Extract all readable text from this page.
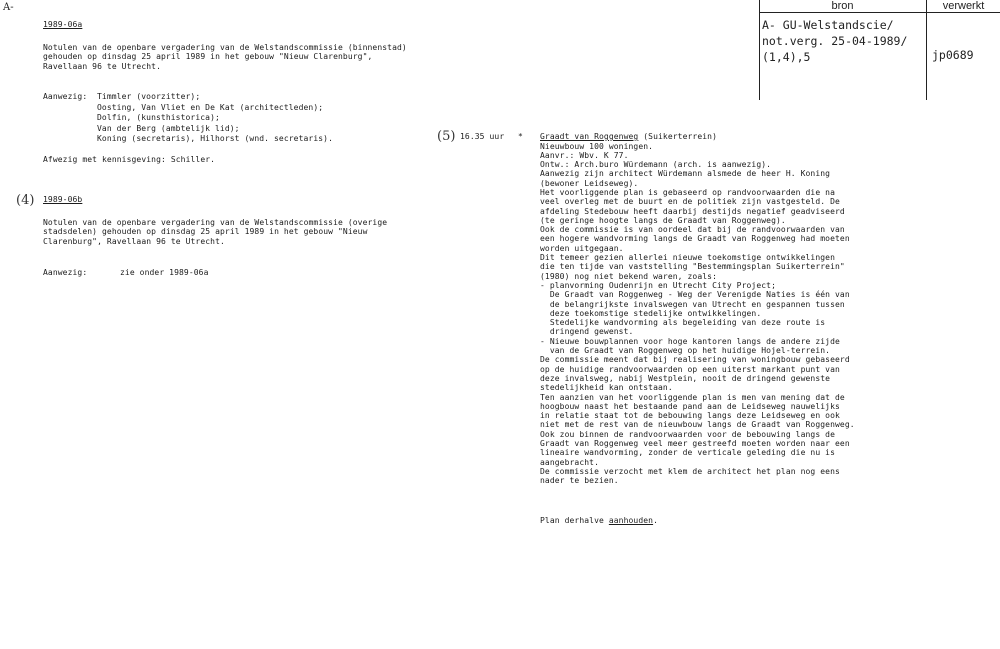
A-	bron	verwerkt
A- GU-Welstandscie/
not.verg. 25-04-1989/
(1,4),5	jp0689
1989-06a
Notulen van de openbare vergadering van de Welstandscommissie (binnenstad)
gehouden op dinsdag 25 april 1989 in het gebouw "Nieuw Clarenburg",
Ravellaan 96 te Utrecht.
Aanwezig: Timmler (voorzitter);
Oosting, Van Vliet en De Kat (architectleden);
Dolfin, (kunsthistorica);
Van der Berg (ambtelijk lid);
Koning (secretaris), Hilhorst (wnd. secretaris).
Afwezig met kennisgeving: Schiller.
(4) 1989-06b
Notulen van de openbare vergadering van de Welstandscommissie (overige
stadsdelen) gehouden op dinsdag 25 april 1989 in het gebouw "Nieuw
Clarenburg", Ravellaan 96 te Utrecht.
Aanwezig:	zie onder 1989-06a
(5) 16.35 uur * Graadt van Roggenweg (Suikerterrein)
Nieuwbouw 100 woningen.
Aanvr.: Wbv. K 77.
Ontw.: Arch.buro Würdemann (arch. is aanwezig).
Aanwezig zijn architect Würdemann alsmede de heer H. Koning
(bewoner Leidseweg).
Het voorliggende plan is gebaseerd op randvoorwaarden die na
veel overleg met de buurt en de politiek zijn vastgesteld. De
afdeling Stedebouw heeft daarbij destijds negatief geadviseerd
(te geringe hoogte langs de Graadt van Roggenweg).
Ook de commissie is van oordeel dat bij de randvoorwaarden van
een hogere wandvorming langs de Graadt van Roggenweg had moeten
worden uitgegaan.
Dit temeer gezien allerlei nieuwe toekomstige ontwikkelingen
die ten tijde van vaststelling "Bestemmingsplan Suikerterrein"
(1980) nog niet bekend waren, zoals:
- planvorming Oudenrijn en Utrecht City Project;
De Graadt van Roggenweg - Weg der Verenigde Naties is één van
de belangrijkste invalswegen van Utrecht en gespannen tussen
deze toekomstige stedelijke ontwikkelingen.
Stedelijke wandvorming als begeleiding van deze route is
dringend gewenst.
- Nieuwe bouwplannen voor hoge kantoren langs de andere zijde
van de Graadt van Roggenweg op het huidige Hojel-terrein.
De commissie meent dat bij realisering van woningbouw gebaseerd
op de huidige randvoorwaarden op een uiterst markant punt van
deze invalsweg, nabij Westplein, nooit de dringend gewenste
stedelijkheid kan ontstaan.
Ten aanzien van het voorliggende plan is men van mening dat de
hoogbouw naast het bestaande pand aan de Leidseweg nauwelijks
in relatie staat tot de bebouwing langs deze Leidseweg en ook
niet met de rest van de nieuwbouw langs de Graadt van Roggenweg.
Ook zou binnen de randvoorwaarden voor de bebouwing langs de
Graadt van Roggenweg veel meer gestreefd moeten worden naar een
lineaire wandvorming, zonder de verticale geleding die nu is
aangebracht.
De commissie verzocht met klem de architect het plan nog eens
nader te bezien.
Plan derhalve aanhouden.
